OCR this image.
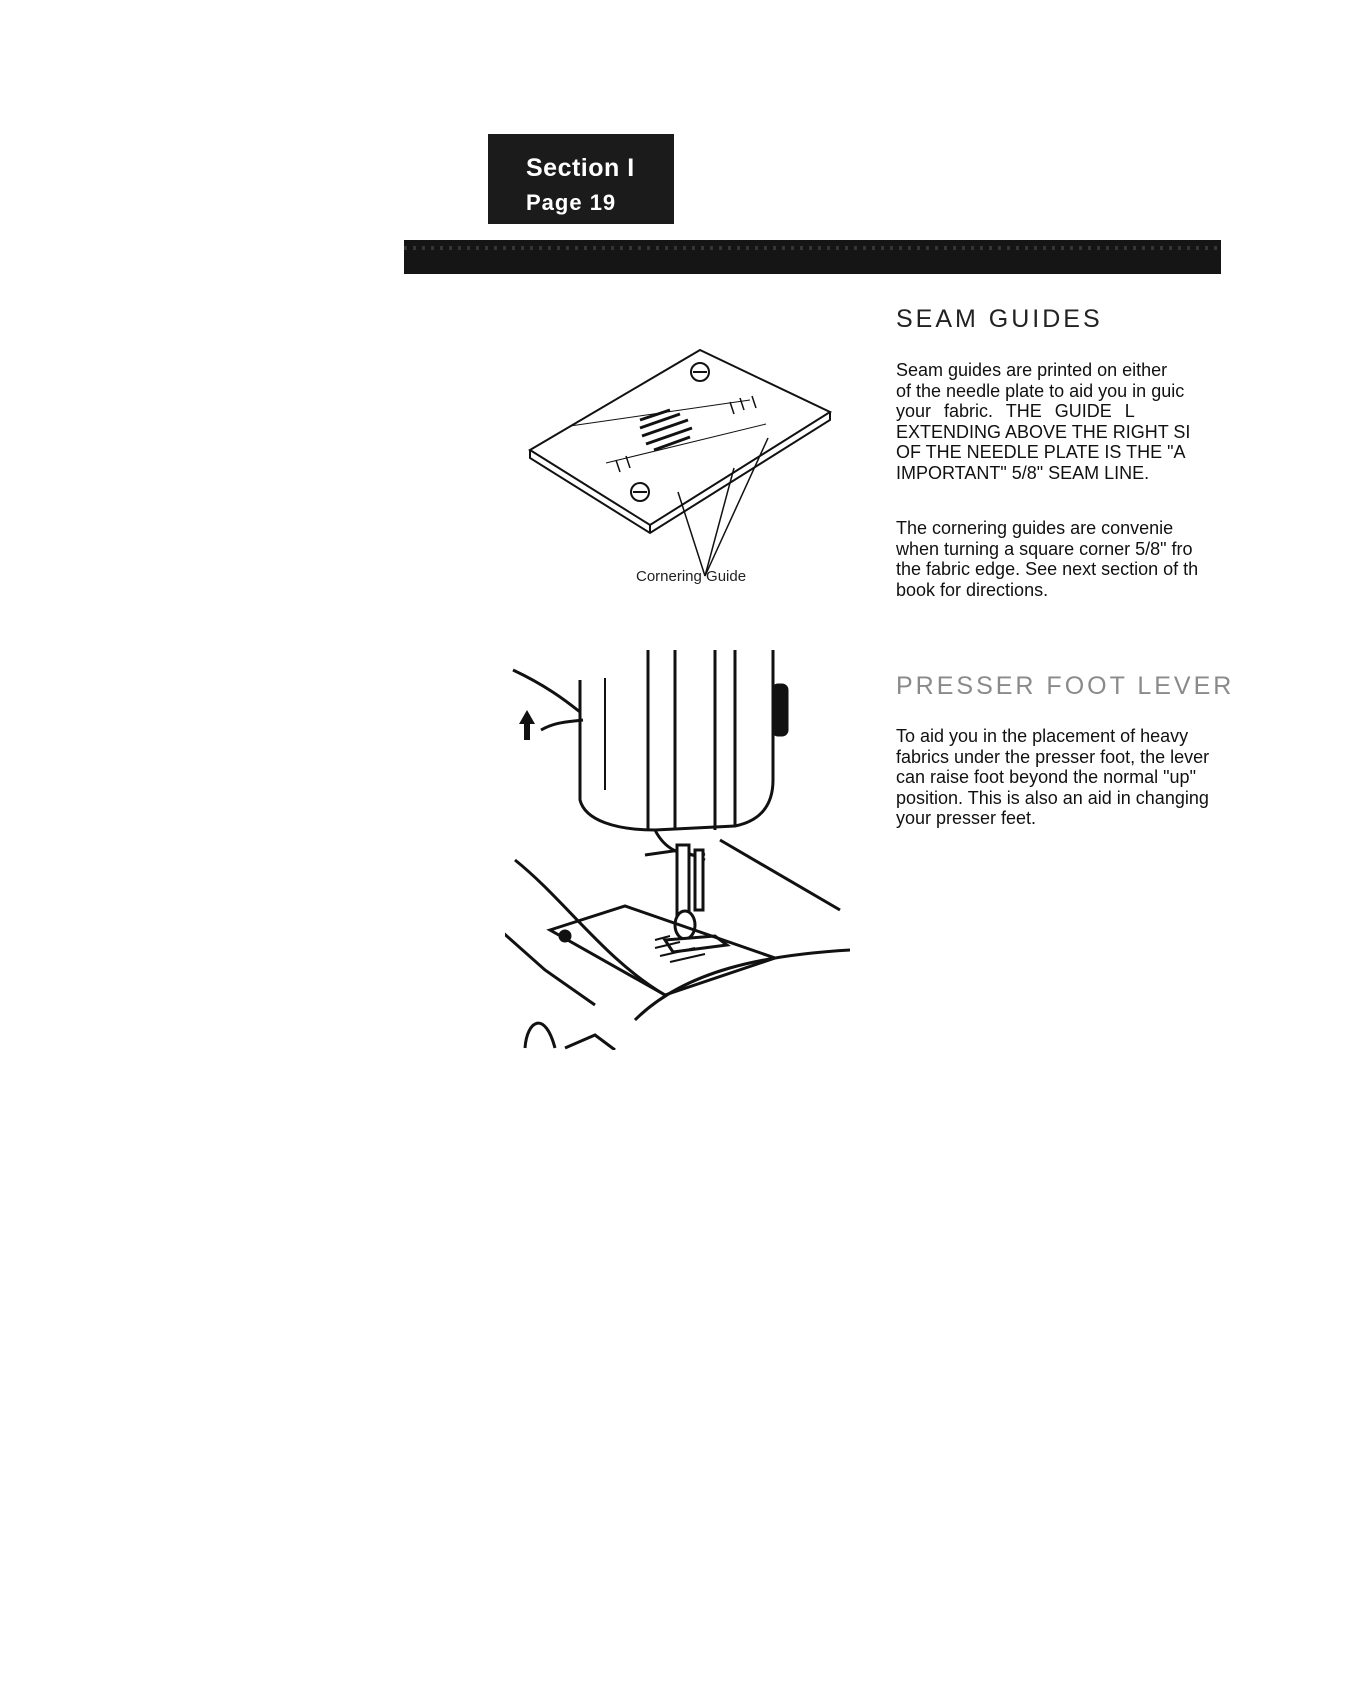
Section I
Page 19
Cornering Guide
SEAM GUIDES
Seam guides are printed on either
of the needle plate to aid you in guic
your fabric. THE GUIDE L
EXTENDING ABOVE THE RIGHT SI
OF THE NEEDLE PLATE IS THE "A
IMPORTANT" 5/8" SEAM LINE.
The cornering guides are convenie
when turning a square corner 5/8" fro
the fabric edge. See next section of th
book for directions.
PRESSER FOOT LEVER
To aid you in the placement of heavy
fabrics under the presser foot, the lever
can raise foot beyond the normal "up"
position. This is also an aid in changing
your presser feet.
